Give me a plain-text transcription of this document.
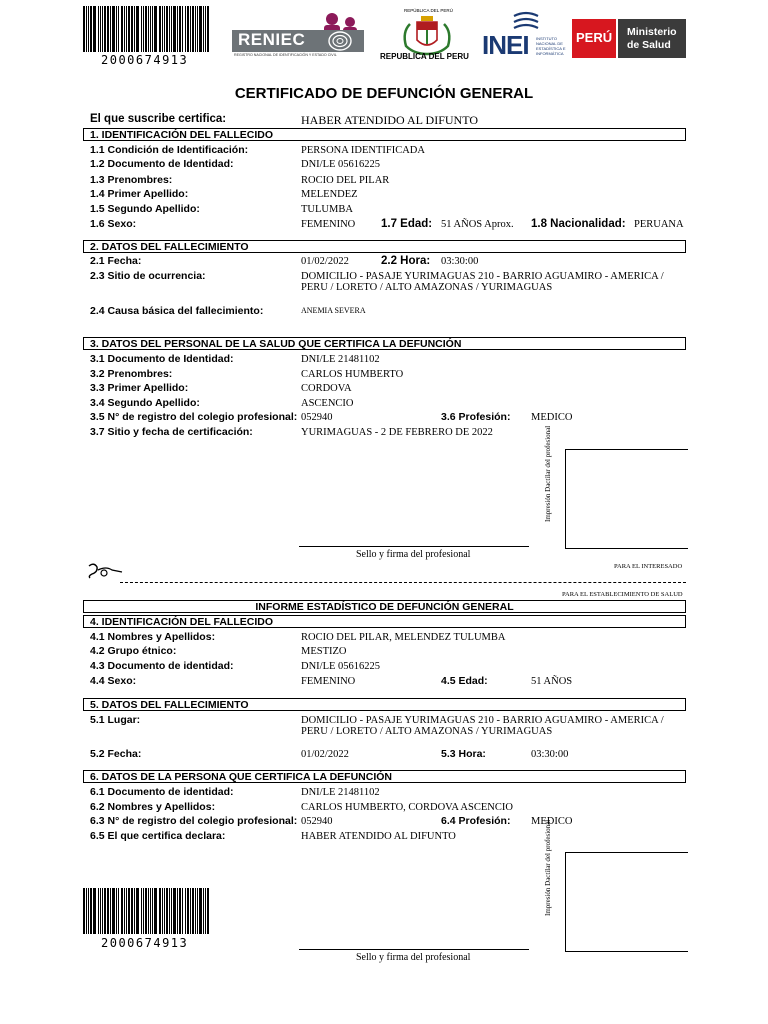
2000674913
RENIEC
REGISTRO NACIONAL DE IDENTIFICACIÓN Y ESTADO CIVIL
REPÚBLICA DEL PERÚ
REPUBLICA DEL PERU INEI INSTITUTO NACIONAL DE ESTADÍSTICA E INFORMÁTICA
PERÚ Ministerio de Salud
CERTIFICADO DE DEFUNCIÓN GENERAL
El que suscribe certifica:	HABER ATENDIDO AL DIFUNTO
1. IDENTIFICACIÓN DEL FALLECIDO
1.1 Condición de Identificación:	PERSONA IDENTIFICADA
1.2 Documento de Identidad:	DNI/LE 05616225
1.3 Prenombres:	ROCIO DEL PILAR
1.4 Primer Apellido:	MELENDEZ
1.5 Segundo Apellido:	TULUMBA
1.6 Sexo:	FEMENINO 1.7 Edad: 51 AÑOS Aprox. 1.8 Nacionalidad: PERUANA
2. DATOS DEL FALLECIMIENTO
2.1 Fecha:	01/02/2022	2.2 Hora: 03:30:00
2.3 Sitio de ocurrencia:	DOMICILIO - PASAJE YURIMAGUAS 210 - BARRIO AGUAMIRO - AMERICA / PERU / LORETO / ALTO AMAZONAS / YURIMAGUAS
2.4 Causa básica del fallecimiento:	ANEMIA SEVERA
3. DATOS DEL PERSONAL DE LA SALUD QUE CERTIFICA LA DEFUNCIÓN
3.1 Documento de Identidad:	DNI/LE 21481102
3.2 Prenombres:	CARLOS HUMBERTO
3.3 Primer Apellido:	CORDOVA
3.4 Segundo Apellido:	ASCENCIO
3.5 N° de registro del colegio profesional: 052940	3.6 Profesión: MEDICO
3.7 Sitio y fecha de certificación:	YURIMAGUAS - 2 DE FEBRERO DE 2022	Impresión Dactilar del profesional
Sello y firma del profesional
PARA EL INTERESADO
PARA EL ESTABLECIMIENTO DE SALUD
INFORME ESTADÍSTICO DE DEFUNCIÓN GENERAL
4. IDENTIFICACIÓN DEL FALLECIDO
4.1 Nombres y Apellidos:	ROCIO DEL PILAR, MELENDEZ TULUMBA
4.2 Grupo étnico:	MESTIZO
4.3 Documento de identidad:	DNI/LE 05616225
4.4 Sexo:	FEMENINO	4.5 Edad:	51 AÑOS
5. DATOS DEL FALLECIMIENTO
5.1 Lugar:	DOMICILIO - PASAJE YURIMAGUAS 210 - BARRIO AGUAMIRO - AMERICA / PERU / LORETO / ALTO AMAZONAS / YURIMAGUAS
5.2 Fecha:	01/02/2022	5.3 Hora:	03:30:00
6. DATOS DE LA PERSONA QUE CERTIFICA LA DEFUNCIÓN
6.1 Documento de identidad:	DNI/LE 21481102
6.2 Nombres y Apellidos:	CARLOS HUMBERTO, CORDOVA ASCENCIO
6.3 N° de registro del colegio profesional: 052940	6.4 Profesión: MEDICO
6.5 El que certifica declara:	HABER ATENDIDO AL DIFUNTO
2000674913
Impresión Dactilar del profesional
Sello y firma del profesional
